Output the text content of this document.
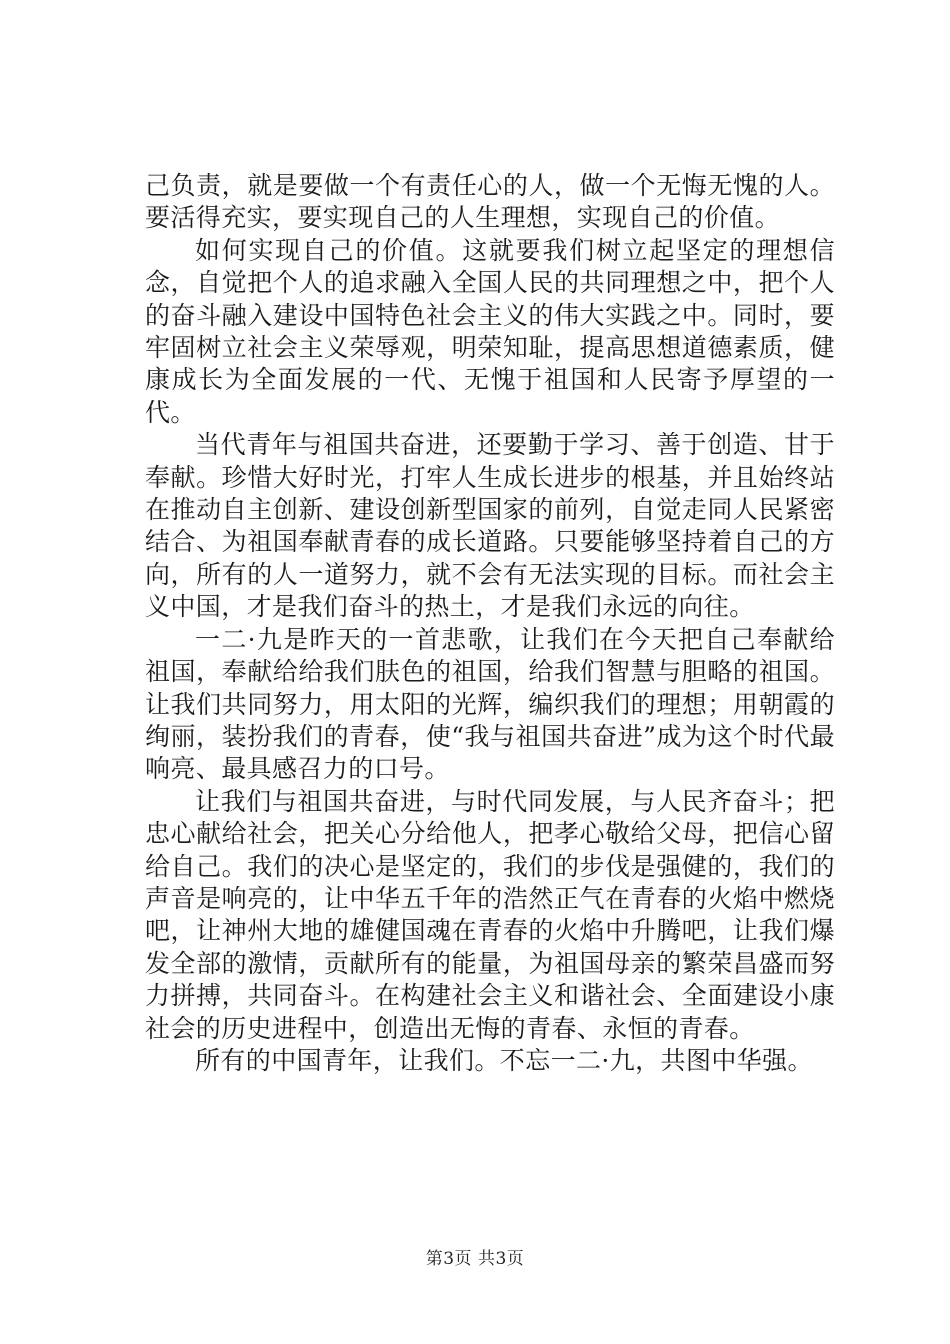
己负责，就是要做一个有责任心的人，做一个无悔无愧的人。要活得充实，要实现自己的人生理想，实现自己的价值。

如何实现自己的价值。这就要我们树立起坚定的理想信念，自觉把个人的追求融入全国人民的共同理想之中，把个人的奋斗融入建设中国特色社会主义的伟大实践之中。同时，要牢固树立社会主义荣辱观，明荣知耻，提高思想道德素质，健康成长为全面发展的一代、无愧于祖国和人民寄予厚望的一代。

当代青年与祖国共奋进，还要勤于学习、善于创造、甘于奉献。珍惜大好时光，打牢人生成长进步的根基，并且始终站在推动自主创新、建设创新型国家的前列，自觉走同人民紧密结合、为祖国奉献青春的成长道路。只要能够坚持着自己的方向，所有的人一道努力，就不会有无法实现的目标。而社会主义中国，才是我们奋斗的热土，才是我们永远的向往。

一二·九是昨天的一首悲歌，让我们在今天把自己奉献给祖国，奉献给给我们肤色的祖国，给我们智慧与胆略的祖国。让我们共同努力，用太阳的光辉，编织我们的理想；用朝霞的绚丽，装扮我们的青春，使“我与祖国共奋进”成为这个时代最响亮、最具感召力的口号。

让我们与祖国共奋进，与时代同发展，与人民齐奋斗；把忠心献给社会，把关心分给他人，把孝心敬给父母，把信心留给自己。我们的决心是坚定的，我们的步伐是强健的，我们的声音是响亮的，让中华五千年的浩然正气在青春的火焰中燃烧吧，让神州大地的雄健国魂在青春的火焰中升腾吧，让我们爆发全部的激情，贡献所有的能量，为祖国母亲的繁荣昌盛而努力拼搏，共同奋斗。在构建社会主义和谐社会、全面建设小康社会的历史进程中，创造出无悔的青春、永恒的青春。

所有的中国青年，让我们。不忘一二·九，共图中华强。

第3页 共3页
